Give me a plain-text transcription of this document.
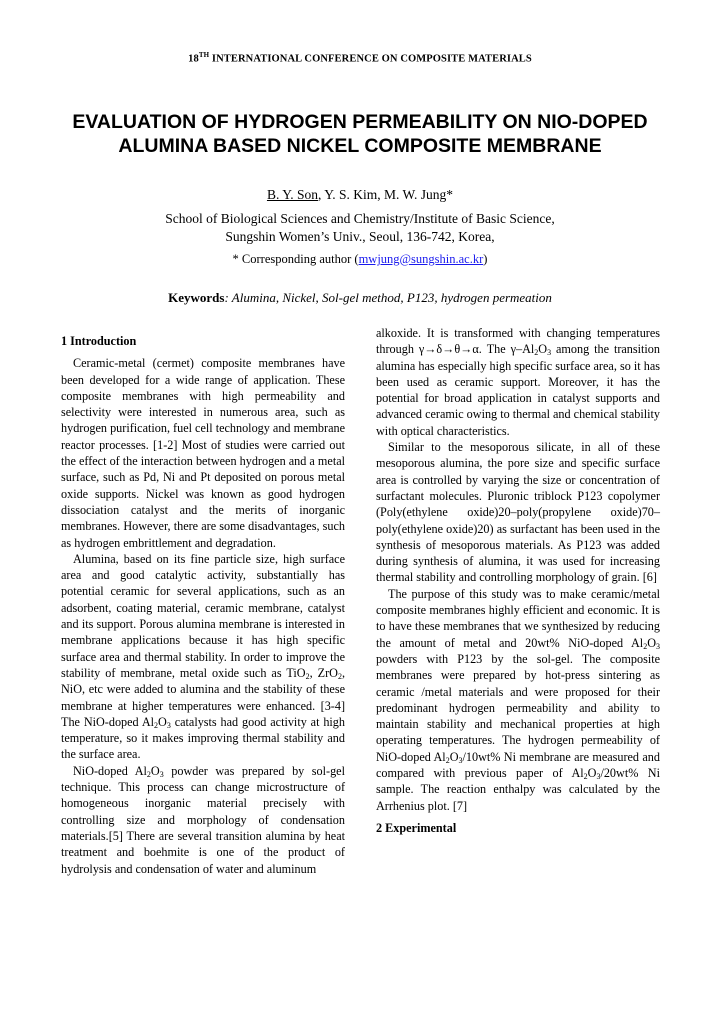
18TH INTERNATIONAL CONFERENCE ON COMPOSITE MATERIALS
EVALUATION OF HYDROGEN PERMEABILITY ON NIO-DOPED ALUMINA BASED NICKEL COMPOSITE MEMBRANE
B. Y. Son, Y. S. Kim, M. W. Jung*
School of Biological Sciences and Chemistry/Institute of Basic Science,
Sungshin Women’s Univ., Seoul, 136-742, Korea,
* Corresponding author (mwjung@sungshin.ac.kr)
Keywords: Alumina, Nickel, Sol-gel method, P123, hydrogen permeation

1 Introduction

Ceramic-metal (cermet) composite membranes have been developed for a wide range of application. These composite membranes with high permeability and selectivity were interested in numerous area, such as hydrogen purification, fuel cell technology and membrane reactor processes. [1-2] Most of studies were carried out the effect of the interaction between hydrogen and a metal surface, such as Pd, Ni and Pt deposited on porous metal oxide supports. Nickel was known as good hydrogen dissociation catalyst and the merits of inorganic membranes. However, there are some disadvantages, such as hydrogen embrittlement and degradation.

Alumina, based on its fine particle size, high surface area and good catalytic activity, substantially has potential ceramic for several applications, such as an adsorbent, coating material, ceramic membrane, catalyst and its support. Porous alumina membrane is interested in membrane applications because it has high specific surface area and thermal stability. In order to improve the stability of membrane, metal oxide such as TiO$_2$, ZrO$_2$, NiO, etc were added to alumina and the stability of these membrane at higher temperatures were enhanced. [3-4] The NiO-doped $Al_2O_3$ catalysts had good activity at high temperature, so it makes improving thermal stability and the surface area.

NiO-doped $Al_2O_3$ powder was prepared by sol-gel technique. This process can change microstructure of homogeneous inorganic material precisely with controlling size and morphology of condensation materials.[5] There are several transition alumina by heat treatment and boehmite is one of the product of hydrolysis and condensation of water and aluminum

alkoxide. It is transformed with changing temperatures through γ→δ→θ→α. The $\gamma-Al_2O_3$ among the transition alumina has especially high specific surface area, so it has been used as ceramic support. Moreover, it has the potential for broad application in catalyst supports and advanced ceramic owing to thermal and chemical stability with optical characteristics.

Similar to the mesoporous silicate, in all of these mesoporous alumina, the pore size and specific surface area is controlled by varying the size or concentration of surfactant molecules. Pluronic triblock P123 copolymer (Poly(ethylene oxide)20–poly(propylene oxide)70–poly(ethylene oxide)20) as surfactant has been used in the synthesis of mesoporous materials. As P123 was added during synthesis of alumina, it was used for increasing thermal stability and controlling morphology of grain. [6]

The purpose of this study was to make ceramic/metal composite membranes highly efficient and economic. It is to have these membranes that we synthesized by reducing the amount of metal and 20wt% NiO-doped $Al_2O_3$ powders with P123 by the sol-gel. The composite membranes were prepared by hot-press sintering as ceramic /metal materials and were proposed for their predominant hydrogen permeability and ability to maintain stability and mechanical properties at high operating temperatures. The hydrogen permeability of NiO-doped $Al_2O_3/10wt\%$ Ni membrane are measured and compared with previous paper of $Al_2O_3/20wt\%$ Ni sample. The reaction enthalpy was calculated by the Arrhenius plot. [7]

2 Experimental
